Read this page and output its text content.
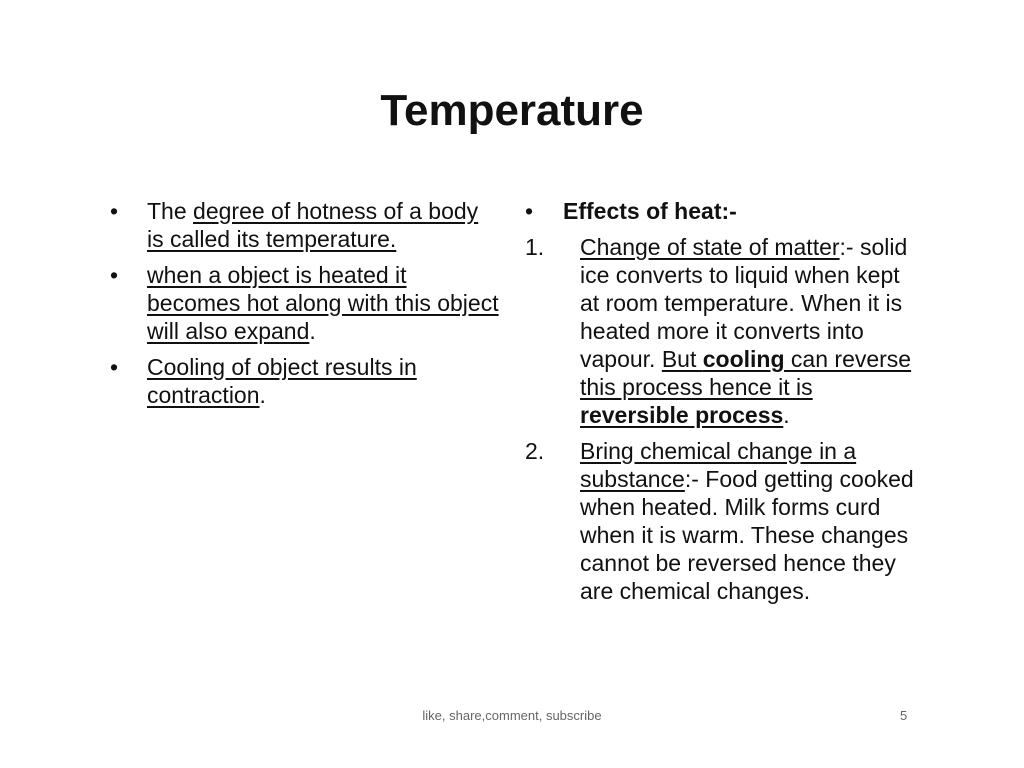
Temperature
• The degree of hotness of a body is called its temperature.
• when a object is heated it becomes hot along with this object will also expand.
• Cooling of object results in contraction.
• Effects of heat:-
1. Change of state of matter:- solid ice converts to liquid when kept at room temperature. When it is heated more it converts into vapour. But cooling can reverse this process hence it is reversible process.
2. Bring chemical change in a substance:- Food getting cooked when heated. Milk forms curd when it is warm. These changes cannot be reversed hence they are chemical changes.
like, share,comment, subscribe	5
